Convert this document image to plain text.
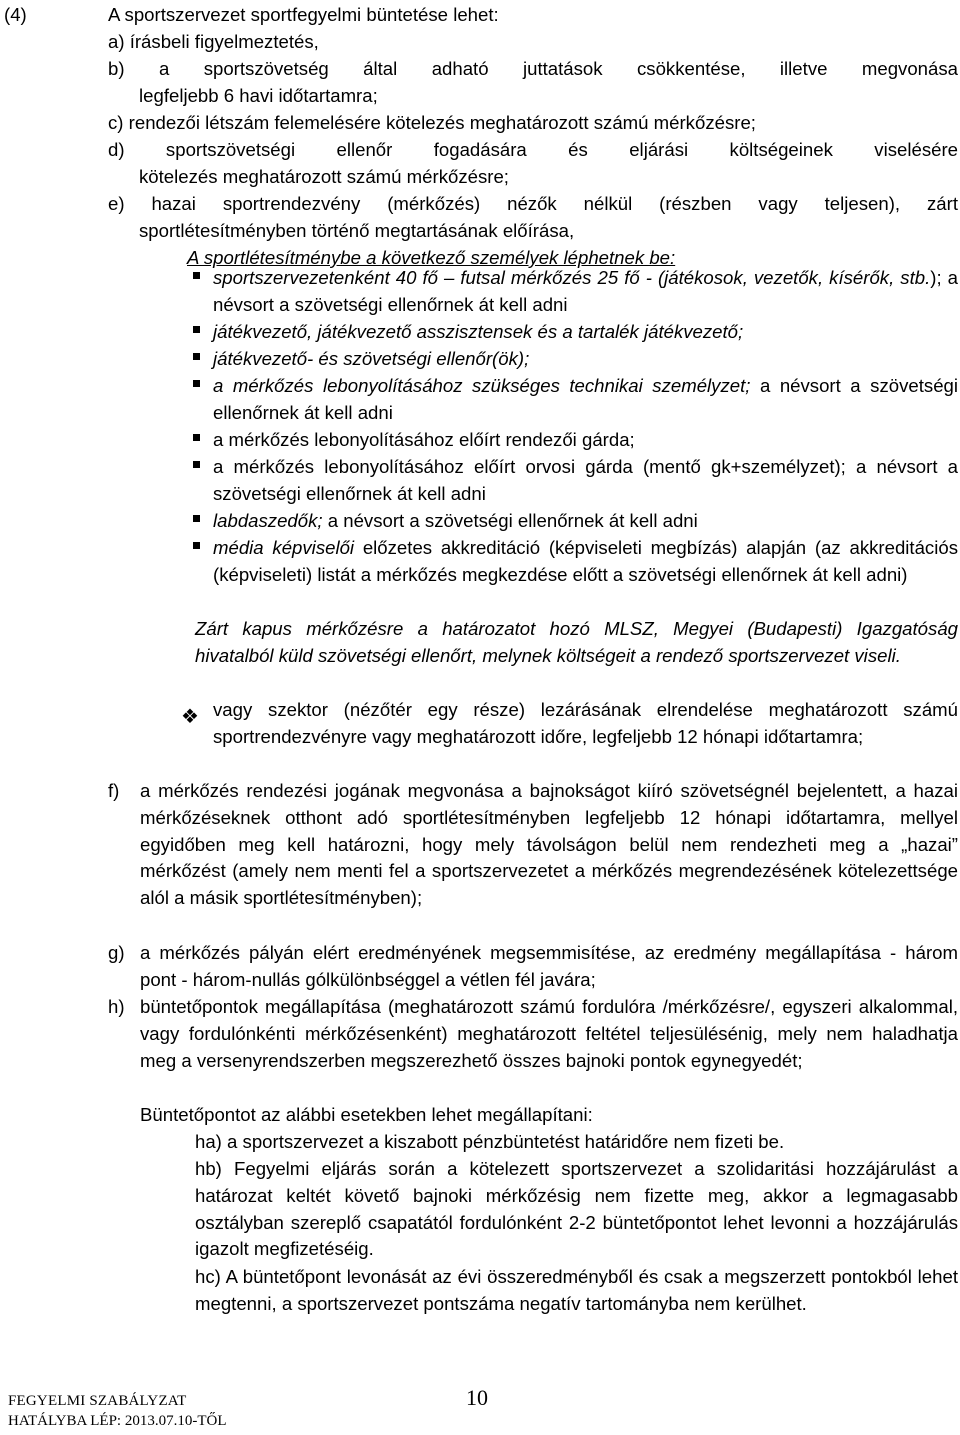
(4)	A sportszervezet sportfegyelmi büntetése lehet:
a) írásbeli figyelmeztetés,
b) a sportszövetség által adható juttatások csökkentése, illetve megvonása
legfeljebb 6 havi időtartamra;
c) rendezői létszám felemelésére kötelezés meghatározott számú mérkőzésre;
d) sportszövetségi ellenőr fogadására és eljárási költségeinek viselésére
kötelezés meghatározott számú mérkőzésre;
e) hazai sportrendezvény (mérkőzés) nézők nélkül (részben vagy teljesen), zárt
sportlétesítményben történő megtartásának előírása,
A sportlétesítménybe a következő személyek léphetnek be:
sportszervezetenként 40 fő – futsal mérkőzés 25 fő - (játékosok, vezetők, kísérők, stb.); a névsort a szövetségi ellenőrnek át kell adni
játékvezető, játékvezető asszisztensek és a tartalék játékvezető;
játékvezető- és szövetségi ellenőr(ök);
a mérkőzés lebonyolításához szükséges technikai személyzet; a névsort a szövetségi ellenőrnek át kell adni
a mérkőzés lebonyolításához előírt rendezői gárda;
a mérkőzés lebonyolításához előírt orvosi gárda (mentő gk+személyzet); a névsort a szövetségi ellenőrnek át kell adni
labdaszedők; a névsort a szövetségi ellenőrnek át kell adni
média képviselői előzetes akkreditáció (képviseleti megbízás) alapján (az akkreditációs (képviseleti) listát a mérkőzés megkezdése előtt a szövetségi ellenőrnek át kell adni)
Zárt kapus mérkőzésre a határozatot hozó MLSZ, Megyei (Budapesti) Igazgatóság hivatalból küld szövetségi ellenőrt, melynek költségeit a rendező sportszervezet viseli.
❖ vagy szektor (nézőtér egy része) lezárásának elrendelése meghatározott számú sportrendezvényre vagy meghatározott időre, legfeljebb 12 hónapi időtartamra;
f) a mérkőzés rendezési jogának megvonása a bajnokságot kiíró szövetségnél bejelentett, a hazai mérkőzéseknek otthont adó sportlétesítményben legfeljebb 12 hónapi időtartamra, mellyel egyidőben meg kell határozni, hogy mely távolságon belül nem rendezheti meg a „hazai” mérkőzést (amely nem menti fel a sportszervezetet a mérkőzés megrendezésének kötelezettsége alól a másik sportlétesítményben);
g) a mérkőzés pályán elért eredményének megsemmisítése, az eredmény megállapítása - három pont - három-nullás gólkülönbséggel a vétlen fél javára;
h) büntetőpontok megállapítása (meghatározott számú fordulóra /mérkőzésre/, egyszeri alkalommal, vagy fordulónkénti mérkőzésenként) meghatározott feltétel teljesülésénig, mely nem haladhatja meg a versenyrendszerben megszerezhető összes bajnoki pontok egynegyedét;
Büntetőpontot az alábbi esetekben lehet megállapítani:
ha) a sportszervezet a kiszabott pénzbüntetést határidőre nem fizeti be.
hb) Fegyelmi eljárás során a kötelezett sportszervezet a szolidaritási hozzájárulást a határozat keltét követő bajnoki mérkőzésig nem fizette meg, akkor a legmagasabb osztályban szereplő csapatától fordulónként 2-2 büntetőpontot lehet levonni a hozzájárulás igazolt megfizetéséig.
hc) A büntetőpont levonását az évi összeredményből és csak a megszerzett pontokból lehet megtenni, a sportszervezet pontszáma negatív tartományba nem kerülhet.
FEGYELMI SZABÁLYZAT
HATÁLYBA LÉP: 2013.07.10-TŐL
10
